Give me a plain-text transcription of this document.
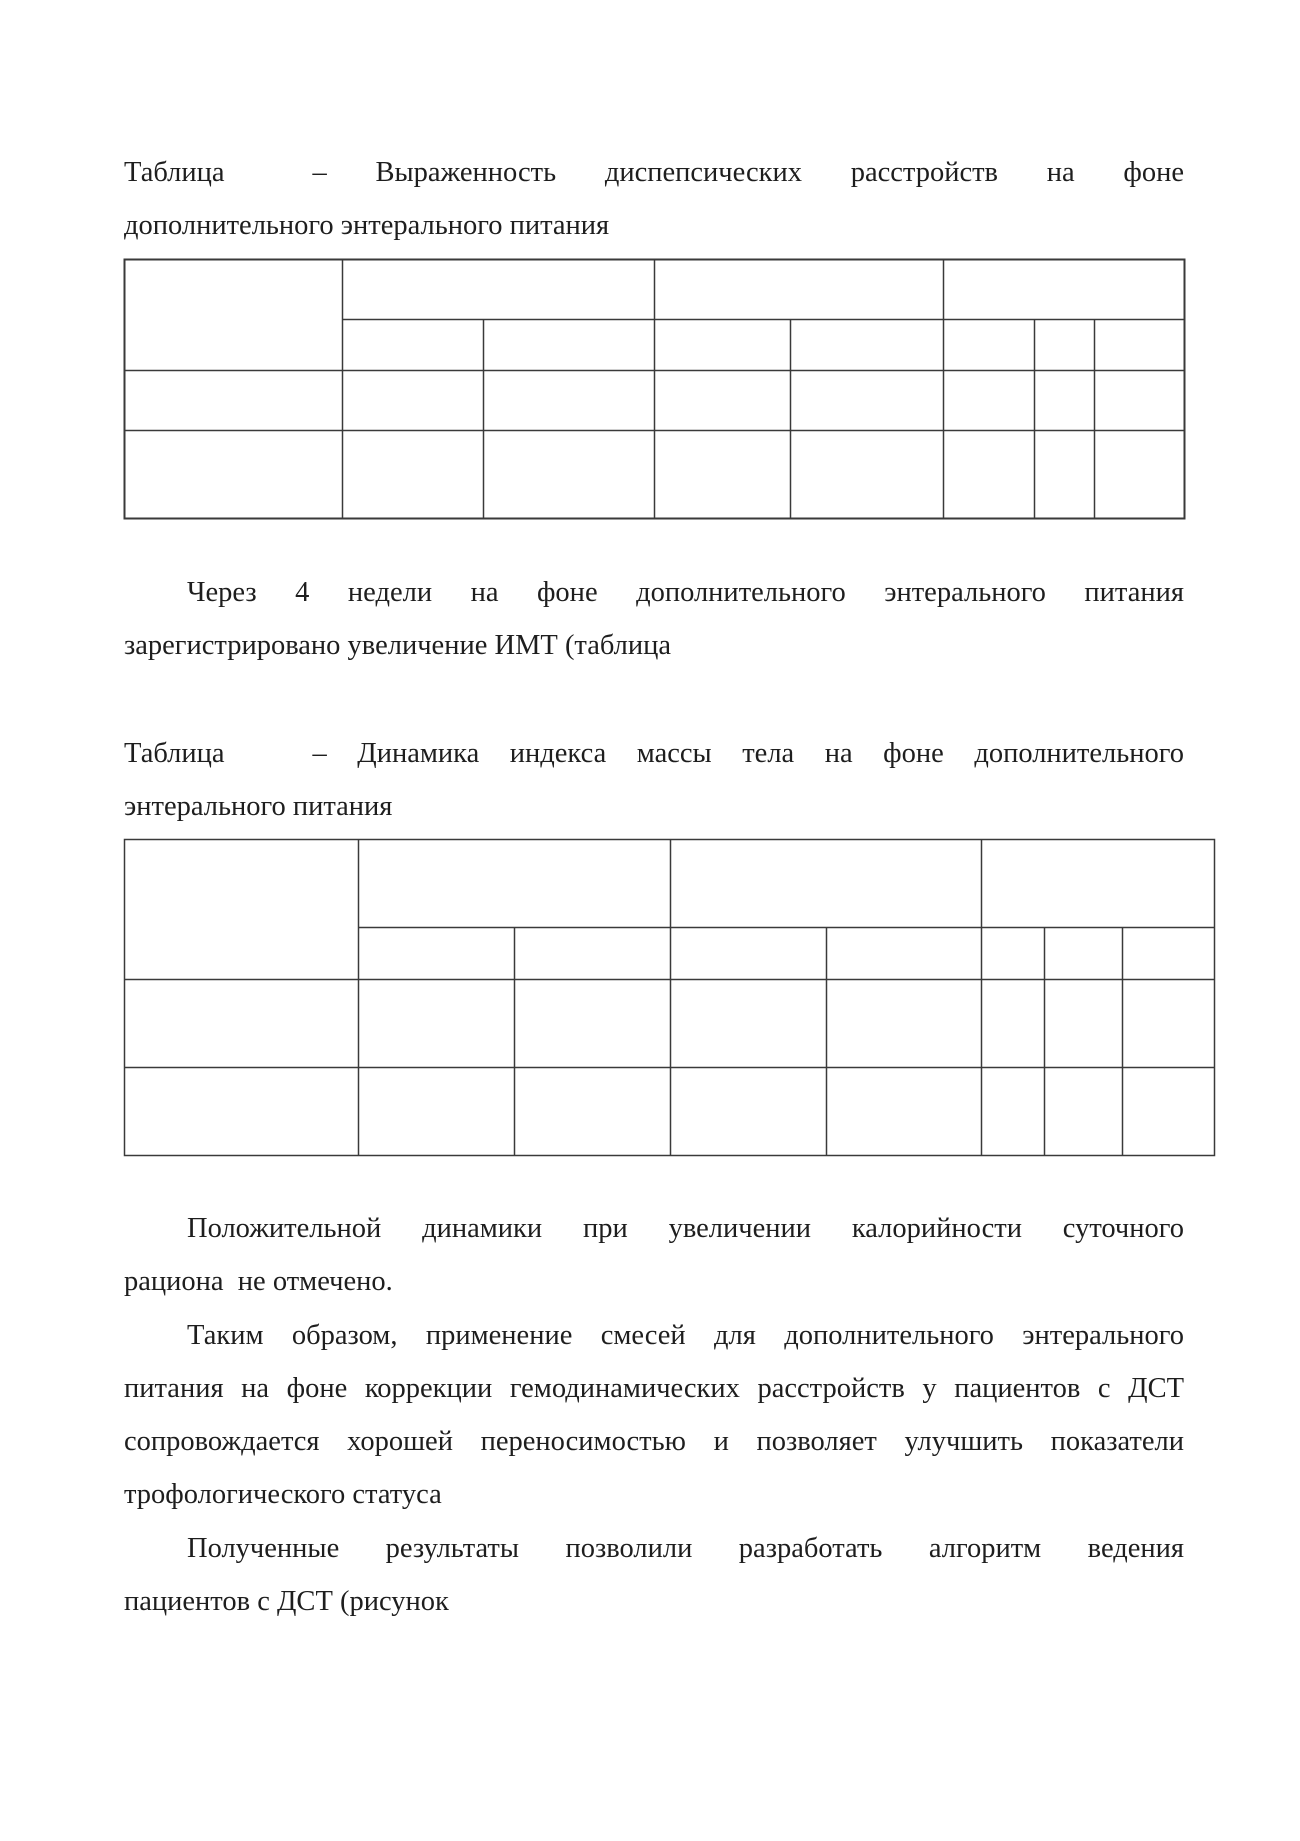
Таблица	– Выраженность диспепсических расстройств на фоне
дополнительного энтерального питания
Через 4 недели на фоне дополнительного энтерального питания
зарегистрировано увеличение ИМТ (таблица
Таблица	– Динамика индекса массы тела на фоне дополнительного
энтерального питания
Положительной динамики при увеличении калорийности суточного
рациона  не отмечено.
Таким образом, применение смесей для дополнительного энтерального
питания на фоне коррекции гемодинамических расстройств у пациентов с ДСТ
сопровождается хорошей переносимостью и позволяет улучшить показатели
трофологического статуса
Полученные результаты позволили разработать алгоритм ведения
пациентов с ДСТ (рисунок
